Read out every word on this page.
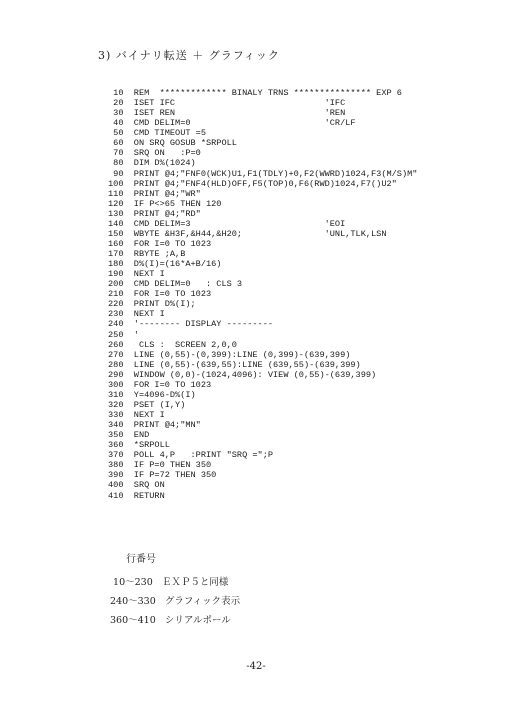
3) バイナリ転送 ＋ グラフィック
10  REM  ************* BINALY TRNS *************** EXP 6
20  ISET IFC                             'IFC
30  ISET REN                             'REN
40  CMD DELIM=0                          'CR/LF
50  CMD TIMEOUT =5
60  ON SRQ GOSUB *SRPOLL
70  SRQ ON   :P=0
80  DIM D%(1024)
90  PRINT @4;"FNF0(WCK)U1,F1(TDLY)+0,F2(WWRD)1024,F3(M/S)M"
100  PRINT @4;"FNF4(HLD)OFF,F5(TOP)0,F6(RWD)1024,F7()U2"
110  PRINT @4;"WR"
120  IF P<>65 THEN 120
130  PRINT @4;"RD"
140  CMD DELIM=3                          'EOI
150  WBYTE &H3F,&H44,&H20;                'UNL,TLK,LSN
160  FOR I=0 TO 1023
170  RBYTE ;A,B
180  D%(I)=(16*A+B/16)
190  NEXT I
200  CMD DELIM=0   : CLS 3
210  FOR I=0 TO 1023
220  PRINT D%(I);
230  NEXT I
240  '-------- DISPLAY ---------
250  '
260   CLS :  SCREEN 2,0,0
270  LINE (0,55)-(0,399):LINE (0,399)-(639,399)
280  LINE (0,55)-(639,55):LINE (639,55)-(639,399)
290  WINDOW (0,0)-(1024,4096): VIEW (0,55)-(639,399)
300  FOR I=0 TO 1023
310  Y=4096-D%(I)
320  PSET (I,Y)
330  NEXT I
340  PRINT @4;"MN"
350  END
360  *SRPOLL
370  POLL 4,P   :PRINT "SRQ =";P
380  IF P=0 THEN 350
390  IF P=72 THEN 350
400  SRQ ON
410  RETURN
行番号
10～230 ＥＸＰ５と同様
240～330 グラフィック表示
360～410 シリアルポール
-42-
